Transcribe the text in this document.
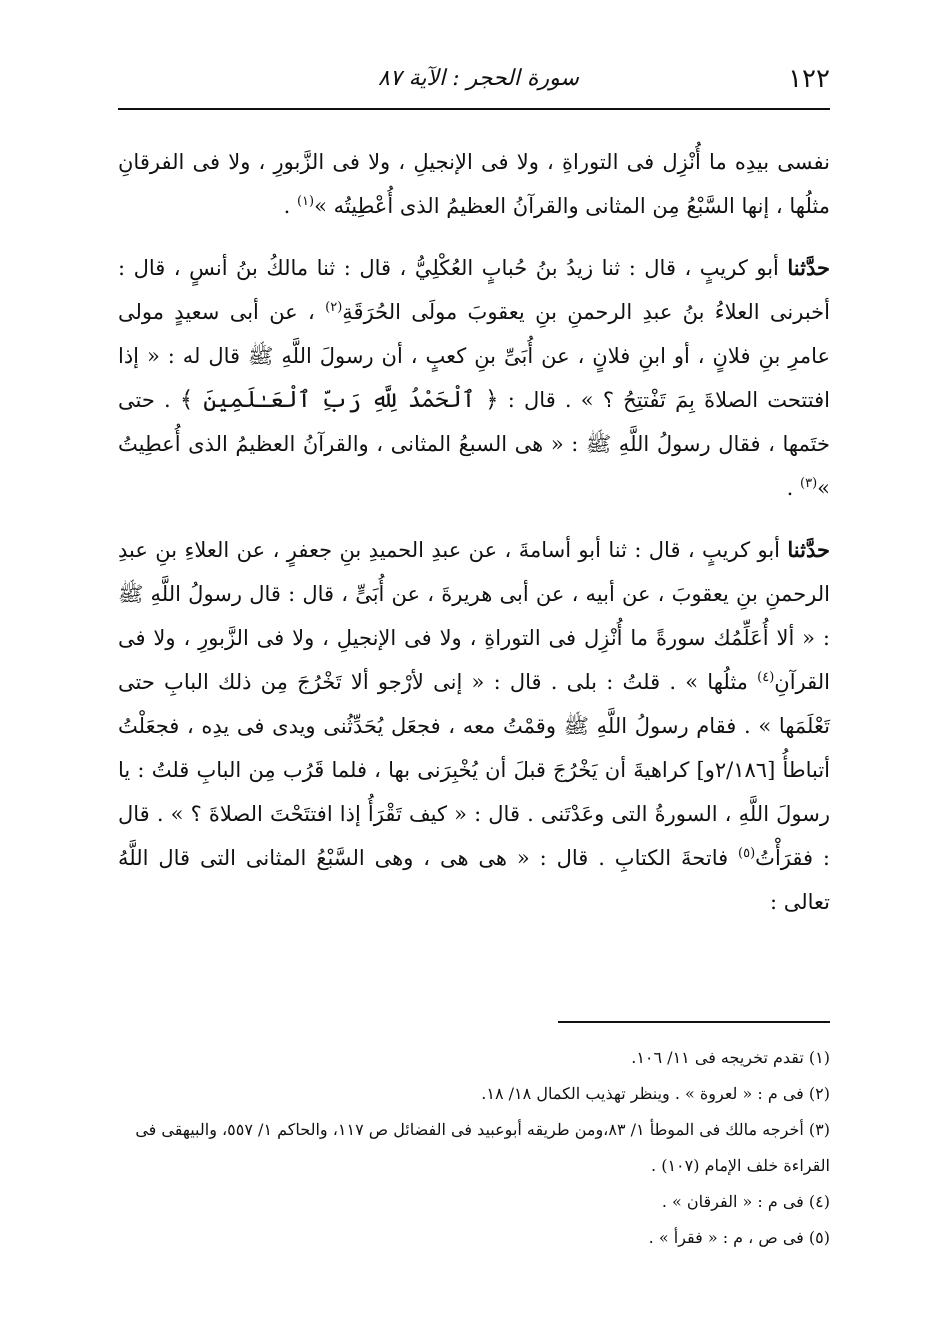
١٢٢
سورة الحجر : الآية ٨٧

نفسى بيدِه ما أُنْزِل فى التوراةِ ، ولا فى الإنجيلِ ، ولا فى الزَّبورِ ، ولا فى الفرقانِ مثلُها ، إنها السَّبْعُ مِن المثانى والقرآنُ العظيمُ الذى أُعْطِيتُه »$^{(١)}$ .

حدَّثنا أبو كريبٍ ، قال : ثنا زيدُ بنُ حُبابٍ العُكْلِيُّ ، قال : ثنا مالكُ بنُ أنسٍ ، قال : أخبرنى العلاءُ بنُ عبدِ الرحمنِ بنِ يعقوبَ مولَى الحُرَقَةِ$^{(٢)}$ ، عن أبى سعيدٍ مولى عامرِ بنِ فلانٍ ، أو ابنِ فلانٍ ، عن أُبَىِّ بنِ كعبٍ ، أن رسولَ اللَّهِ ﷺ قال له : « إذا افتتحت الصلاةَ بِمَ تَفْتتِحُ ؟ » . قال : ﴿ ٱلْحَمْدُ لِلَّهِ رَبِّ ٱلْعَـٰلَمِينَ ﴾ . حتى ختَمها ، فقال رسولُ اللَّهِ ﷺ : « هى السبعُ المثانى ، والقرآنُ العظيمُ الذى أُعطِيتُ »$^{(٣)}$ .

حدَّثنا أبو كريبٍ ، قال : ثنا أبو أسامةَ ، عن عبدِ الحميدِ بنِ جعفرٍ ، عن العلاءِ بنِ عبدِ الرحمنِ بنِ يعقوبَ ، عن أبيه ، عن أبى هريرةَ ، عن أُبَىٍّ ، قال : قال رسولُ اللَّهِ ﷺ : « ألا أُعَلِّمُك سورةً ما أُنْزِل فى التوراةِ ، ولا فى الإنجيلِ ، ولا فى الزَّبورِ ، ولا فى القرآنِ$^{(٤)}$ مثلُها » . قلتُ : بلى . قال : « إنى لأرْجو ألا تَخْرُجَ مِن ذلك البابِ حتى تَعْلَمَها » . فقام رسولُ اللَّهِ ﷺ وقمْتُ معه ، فجعَل يُحَدِّثُنى ويدى فى يدِه ، فجعَلْتُ أتباطأُ [٢/١٨٦و] كراهيةَ أن يَخْرُجَ قبلَ أن يُخْبِرَنى بها ، فلما قَرُب مِن البابِ قلتُ : يا رسولَ اللَّهِ ، السورةُ التى وعَدْتَنى . قال : « كيف تَقْرَأُ إذا افتتَحْتَ الصلاةَ ؟ » . قال : فقرَأْتُ$^{(٥)}$ فاتحةَ الكتابِ . قال : « هى هى ، وهى السَّبْعُ المثانى التى قال اللَّهُ تعالى :

(١) تقدم تخريجه فى ١١/ ١٠٦.

(٢) فى م : « لعروة » . وينظر تهذيب الكمال ١٨/ ١٨.

(٣) أخرجه مالك فى الموطأ ١/ ٨٣،ومن طريقه أبوعبيد فى الفضائل ص ١١٧، والحاكم ١/ ٥٥٧، والبيهقى فى القراءة خلف الإمام (١٠٧) .

(٤) فى م : « الفرقان » .

(٥) فى ص ، م : « فقرأ » .
